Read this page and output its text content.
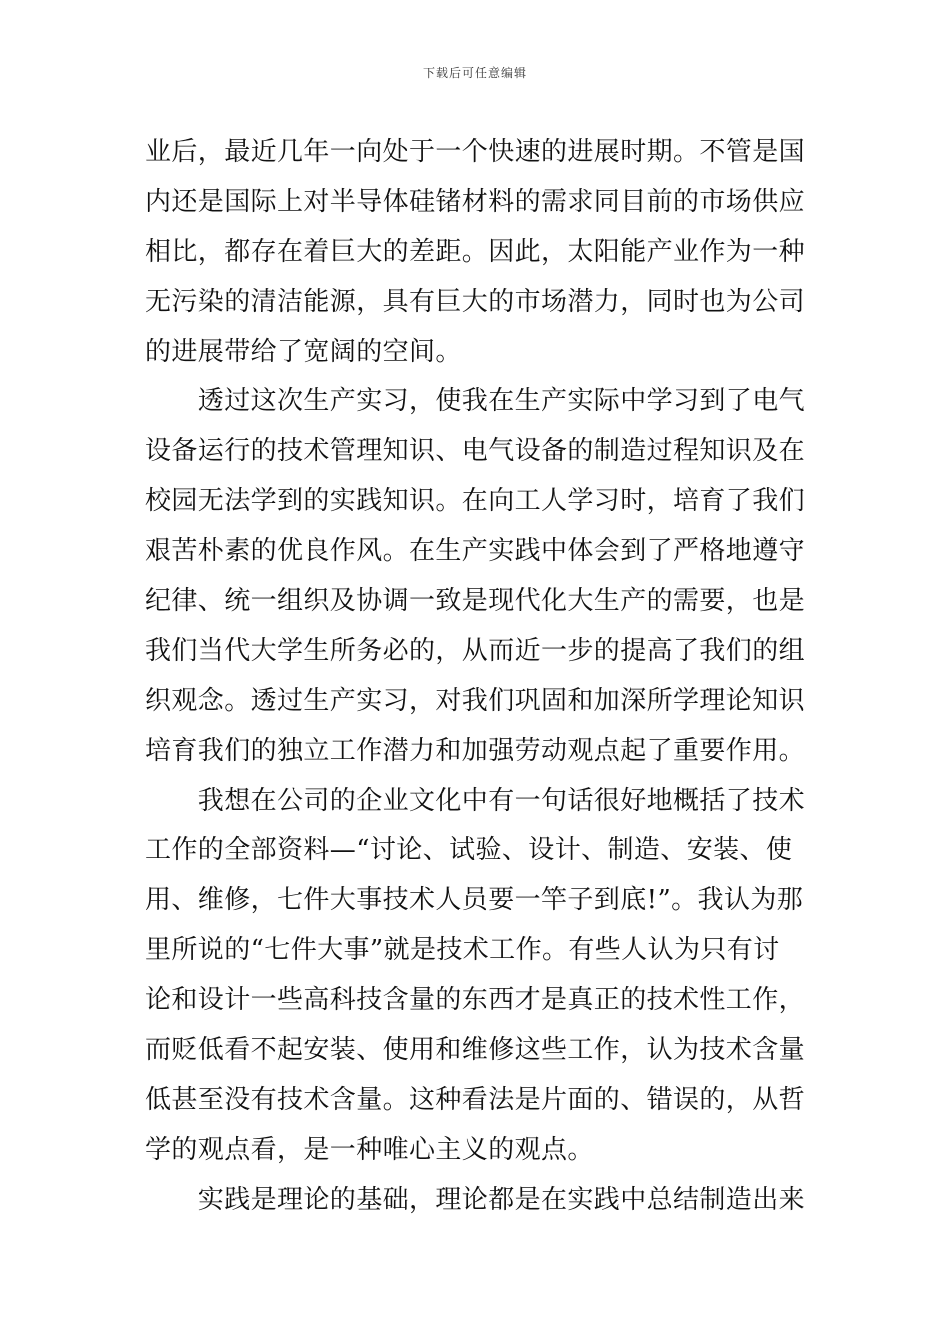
下载后可任意编辑
业后，最近几年一向处于一个快速的进展时期。不管是国
内还是国际上对半导体硅锗材料的需求同目前的市场供应
相比，都存在着巨大的差距。因此，太阳能产业作为一种
无污染的清洁能源，具有巨大的市场潜力，同时也为公司
的进展带给了宽阔的空间。
　　透过这次生产实习，使我在生产实际中学习到了电气
设备运行的技术管理知识、电气设备的制造过程知识及在
校园无法学到的实践知识。在向工人学习时，培育了我们
艰苦朴素的优良作风。在生产实践中体会到了严格地遵守
纪律、统一组织及协调一致是现代化大生产的需要，也是
我们当代大学生所务必的，从而近一步的提高了我们的组
织观念。透过生产实习，对我们巩固和加深所学理论知识
培育我们的独立工作潜力和加强劳动观点起了重要作用。
　　我想在公司的企业文化中有一句话很好地概括了技术
工作的全部资料—“讨论、试验、设计、制造、安装、使
用、维修，七件大事技术人员要一竿子到底!”。我认为那
里所说的“七件大事”就是技术工作。有些人认为只有讨
论和设计一些高科技含量的东西才是真正的技术性工作，
而贬低看不起安装、使用和维修这些工作，认为技术含量
低甚至没有技术含量。这种看法是片面的、错误的，从哲
学的观点看，是一种唯心主义的观点。
　　实践是理论的基础，理论都是在实践中总结制造出来
